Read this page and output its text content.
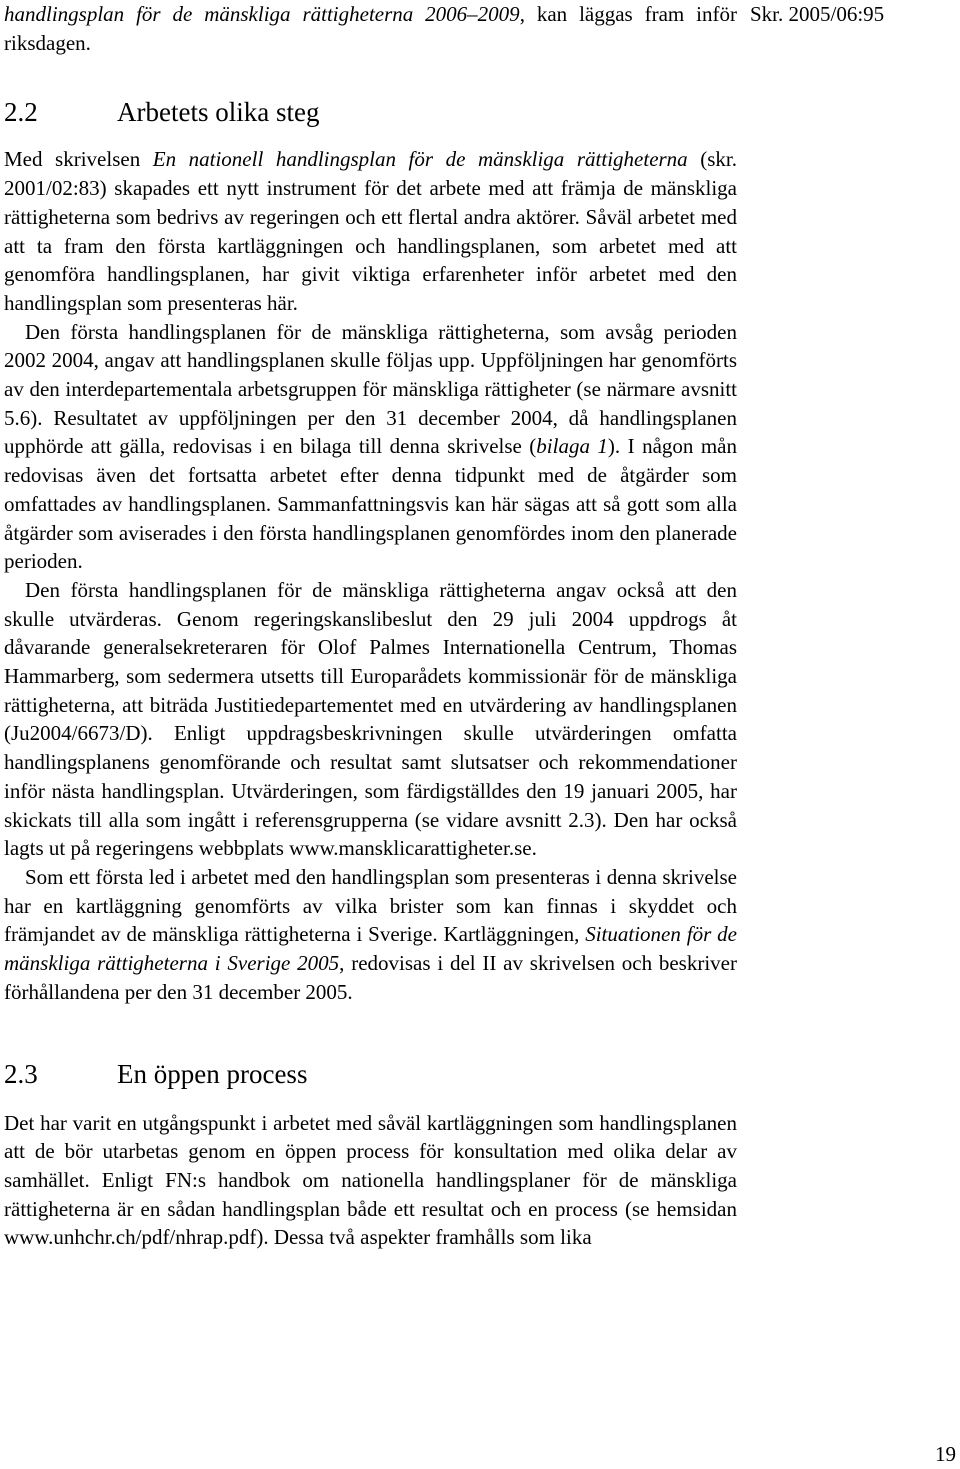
Skr. 2005/06:95

handlingsplan för de mänskliga rättigheterna 2006–2009, kan läggas fram inför riksdagen.

2.2	Arbetets olika steg

Med skrivelsen En nationell handlingsplan för de mänskliga rättigheterna (skr. 2001/02:83) skapades ett nytt instrument för det arbete med att främja de mänskliga rättigheterna som bedrivs av regeringen och ett flertal andra aktörer. Såväl arbetet med att ta fram den första kartläggningen och handlingsplanen, som arbetet med att genomföra handlingsplanen, har givit viktiga erfarenheter inför arbetet med den handlingsplan som presenteras här.

Den första handlingsplanen för de mänskliga rättigheterna, som avsåg perioden 2002 2004, angav att handlingsplanen skulle följas upp. Uppföljningen har genomförts av den interdepartementala arbetsgruppen för mänskliga rättigheter (se närmare avsnitt 5.6). Resultatet av uppföljningen per den 31 december 2004, då handlingsplanen upphörde att gälla, redovisas i en bilaga till denna skrivelse (bilaga 1). I någon mån redovisas även det fortsatta arbetet efter denna tidpunkt med de åtgärder som omfattades av handlingsplanen. Sammanfattningsvis kan här sägas att så gott som alla åtgärder som aviserades i den första handlingsplanen genomfördes inom den planerade perioden.

Den första handlingsplanen för de mänskliga rättigheterna angav också att den skulle utvärderas. Genom regeringskanslibeslut den 29 juli 2004 uppdrogs åt dåvarande generalsekreteraren för Olof Palmes Internationella Centrum, Thomas Hammarberg, som sedermera utsetts till Europarådets kommissionär för de mänskliga rättigheterna, att biträda Justitiedepartementet med en utvärdering av handlingsplanen (Ju2004/6673/D). Enligt uppdragsbeskrivningen skulle utvärderingen omfatta handlingsplanens genomförande och resultat samt slutsatser och rekommendationer inför nästa handlingsplan. Utvärderingen, som färdigställdes den 19 januari 2005, har skickats till alla som ingått i referensgrupperna (se vidare avsnitt 2.3). Den har också lagts ut på regeringens webbplats www.mansklicarattigheter.se.

Som ett första led i arbetet med den handlingsplan som presenteras i denna skrivelse har en kartläggning genomförts av vilka brister som kan finnas i skyddet och främjandet av de mänskliga rättigheterna i Sverige. Kartläggningen, Situationen för de mänskliga rättigheterna i Sverige 2005, redovisas i del II av skrivelsen och beskriver förhållandena per den 31 december 2005.

2.3	En öppen process

Det har varit en utgångspunkt i arbetet med såväl kartläggningen som handlingsplanen att de bör utarbetas genom en öppen process för konsultation med olika delar av samhället. Enligt FN:s handbok om nationella handlingsplaner för de mänskliga rättigheterna är en sådan handlingsplan både ett resultat och en process (se hemsidan www.unhchr.ch/pdf/nhrap.pdf). Dessa två aspekter framhålls som lika

19
